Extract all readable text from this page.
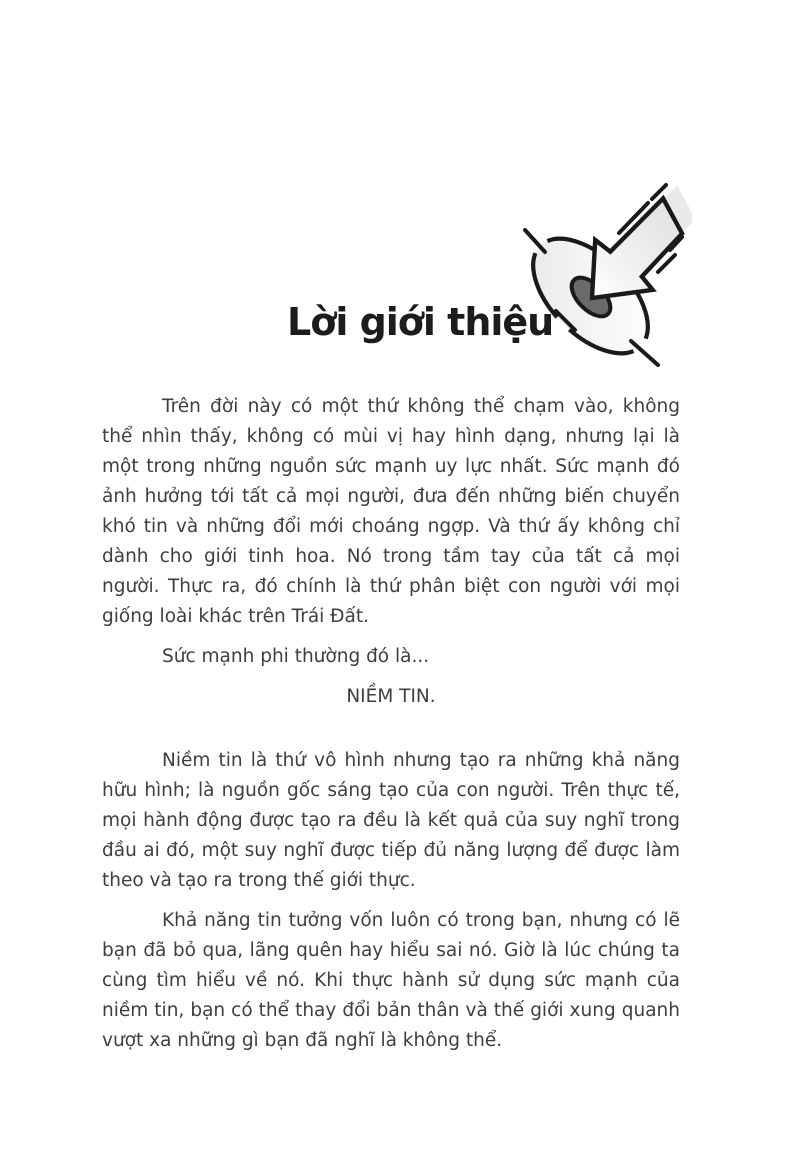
Lời giới thiệu

Trên đời này có một thứ không thể chạm vào, không thể nhìn thấy, không có mùi vị hay hình dạng, nhưng lại là một trong những nguồn sức mạnh uy lực nhất. Sức mạnh đó ảnh hưởng tới tất cả mọi người, đưa đến những biến chuyển khó tin và những đổi mới choáng ngợp. Và thứ ấy không chỉ dành cho giới tinh hoa. Nó trong tầm tay của tất cả mọi người. Thực ra, đó chính là thứ phân biệt con người với mọi giống loài khác trên Trái Đất.

Sức mạnh phi thường đó là...

NIỀM TIN.

Niềm tin là thứ vô hình nhưng tạo ra những khả năng hữu hình; là nguồn gốc sáng tạo của con người. Trên thực tế, mọi hành động được tạo ra đều là kết quả của suy nghĩ trong đầu ai đó, một suy nghĩ được tiếp đủ năng lượng để được làm theo và tạo ra trong thế giới thực.

Khả năng tin tưởng vốn luôn có trong bạn, nhưng có lẽ bạn đã bỏ qua, lãng quên hay hiểu sai nó. Giờ là lúc chúng ta cùng tìm hiểu về nó. Khi thực hành sử dụng sức mạnh của niềm tin, bạn có thể thay đổi bản thân và thế giới xung quanh vượt xa những gì bạn đã nghĩ là không thể.
